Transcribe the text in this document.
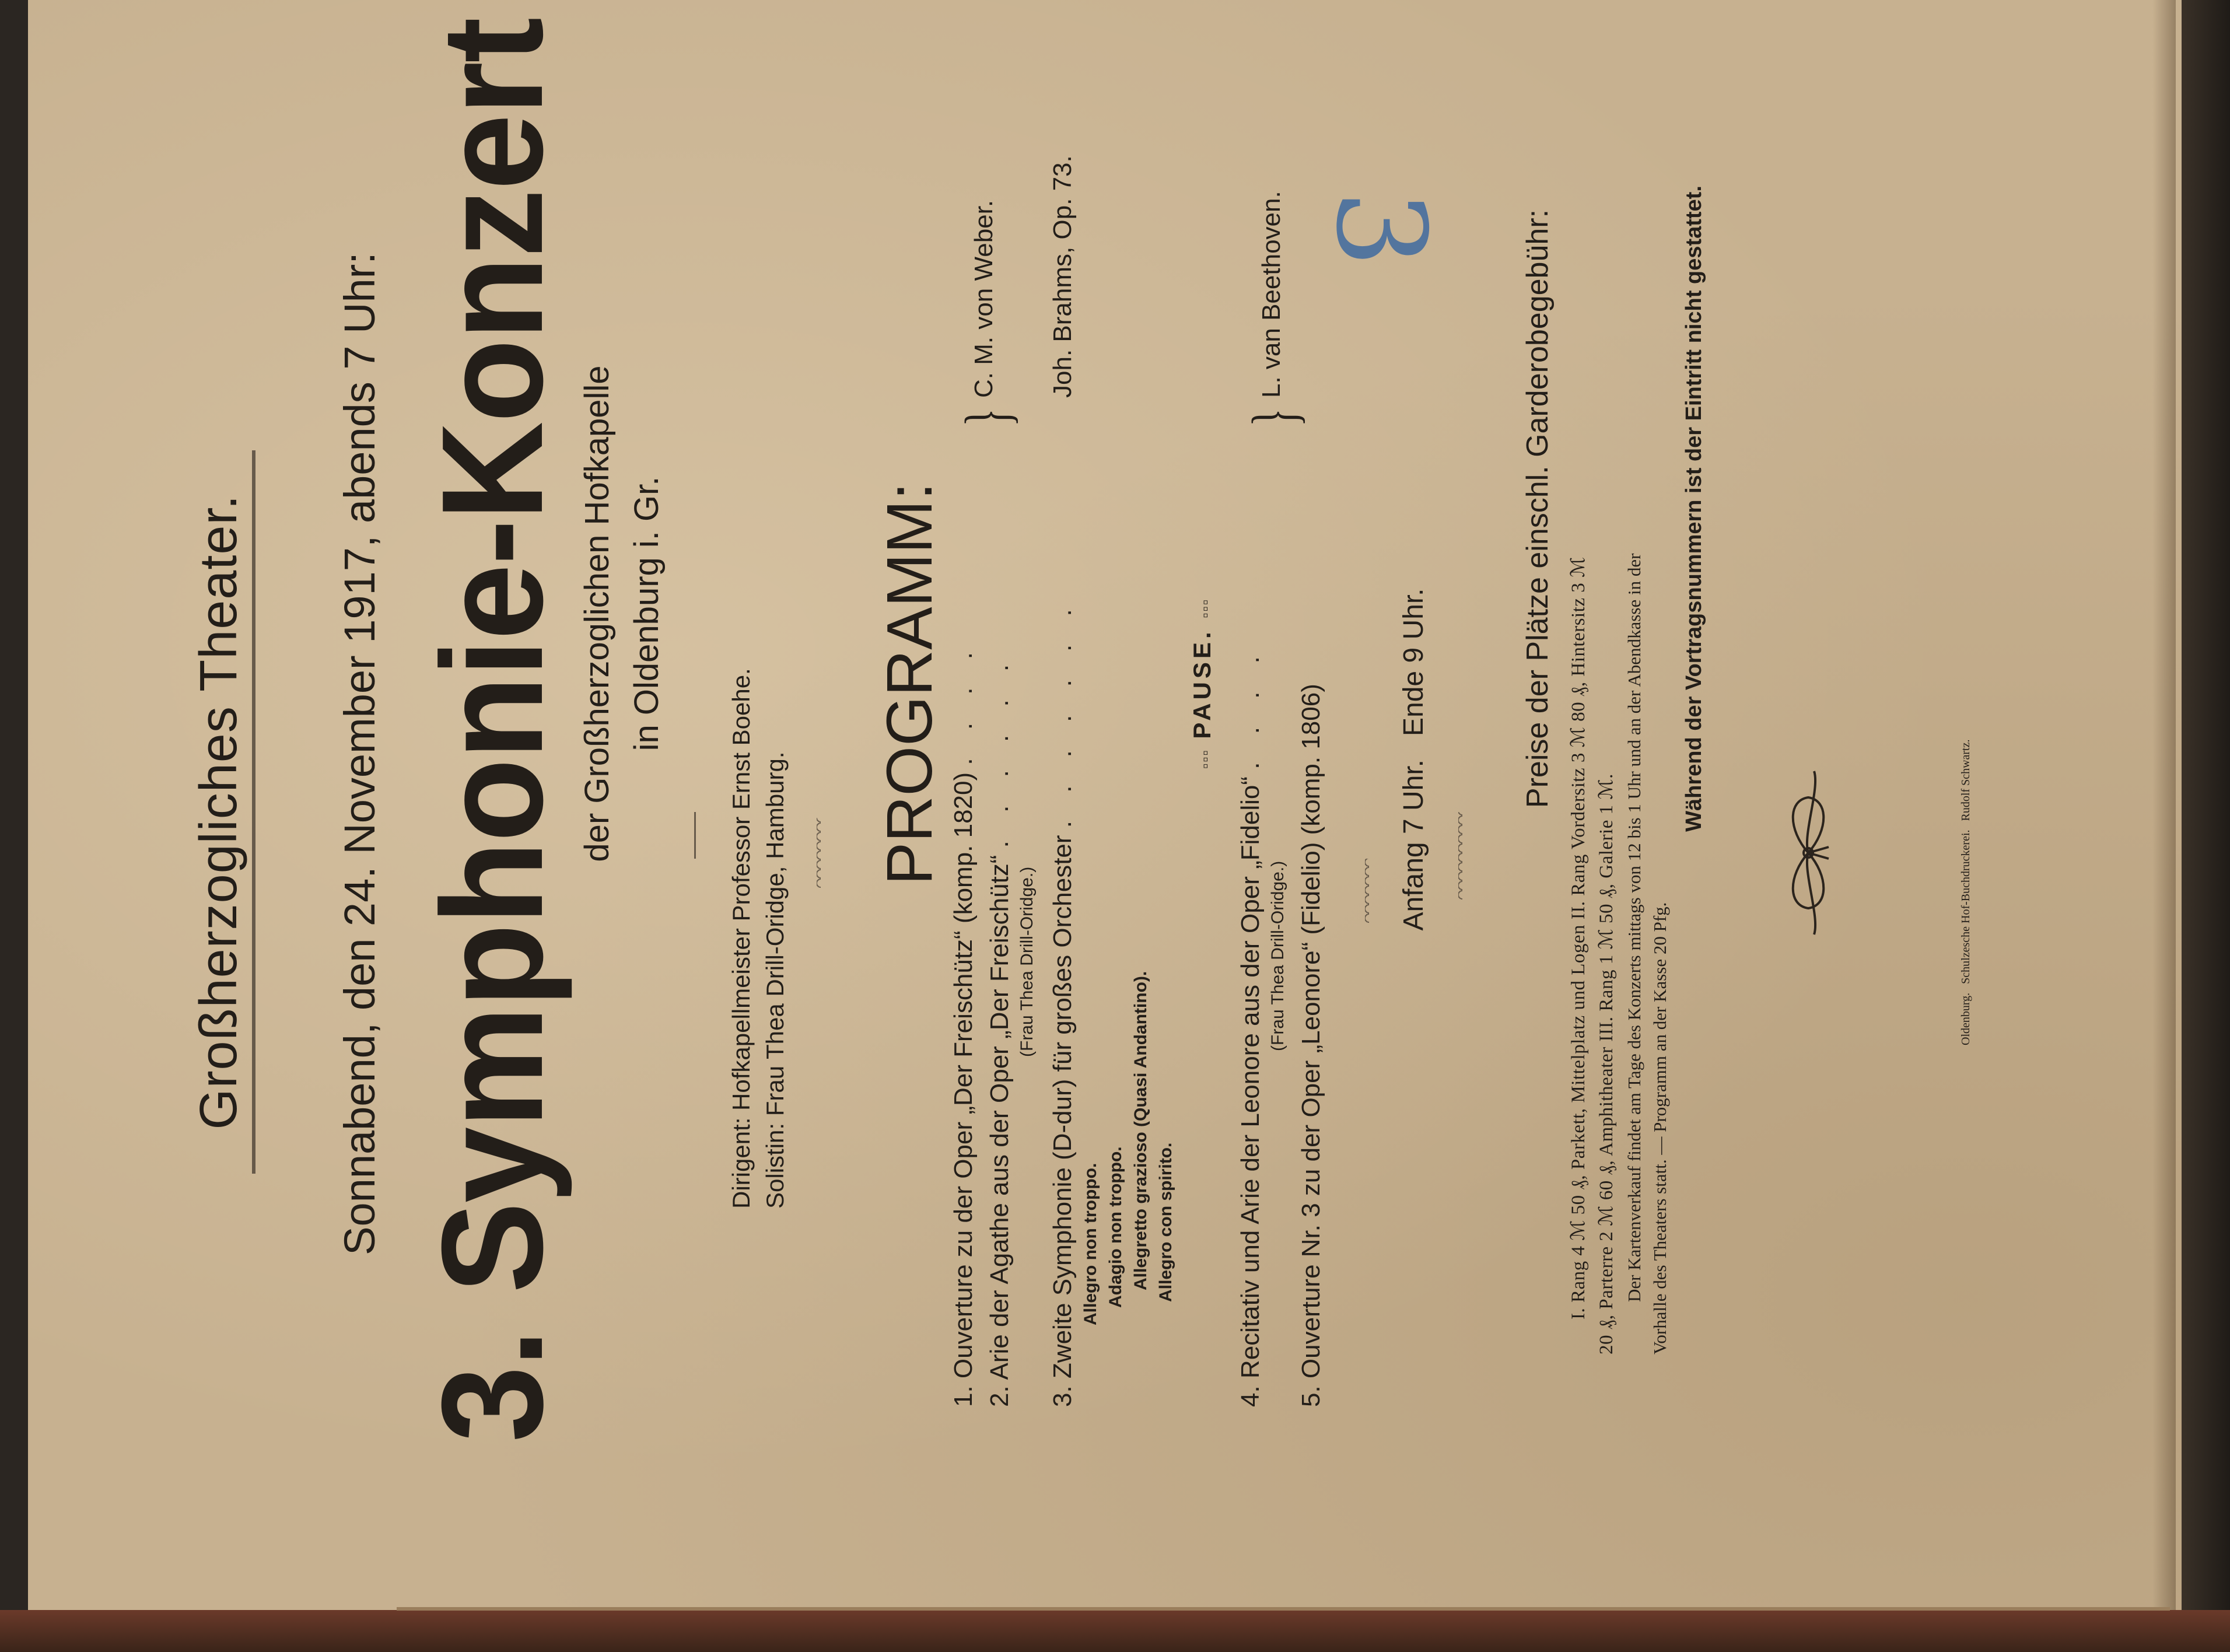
3
Großherzogliches Theater. Sonnabend, den 24. November 1917, abends 7 Uhr: 3. Symphonie-Konzert der Großherzoglichen Hofkapelle in Oldenburg i. Gr.
Dirigent: Hofkapellmeister Professor Ernst Boehe. Solistin: Frau Thea Drill-Oridge, Hamburg.
PROGRAMM:
1. Ouverture zu der Oper „Der Freischütz“ (komp. 1820) . . . .
2. Arie der Agathe aus der Oper „Der Freischütz“ . . . . . .
(Frau Thea Drill-Oridge.) 3. Zweite Symphonie (D-dur) für großes Orchester . . . . . . .
Allegro non troppo. Adagio non troppo. Allegretto grazioso (Quasi Andantino). Allegro con spirito.
▫▫▫ PAUSE. ▫▫▫
4. Recitativ und Arie der Leonore aus der Oper „Fidelio“ . . . .
(Frau Thea Drill-Oridge.) 5. Ouverture Nr. 3 zu der Oper „Leonore“ (Fidelio) (komp. 1806)
}
C. M. von Weber. Joh. Brahms, Op. 73.
}
L. van Beethoven.
Anfang 7 Uhr.   Ende 9 Uhr.	Preise der Plätze einschl. Garderobegebühr:
I. Rang 4 ℳ 50 ₰, Parkett, Mittelplatz und Logen II. Rang Vordersitz 3 ℳ 80 ₰, Hintersitz 3 ℳ 20 ₰, Parterre 2 ℳ 60 ₰, Amphitheater III. Rang 1 ℳ 50 ₰, Galerie 1 ℳ. Der Kartenverkauf findet am Tage des Konzerts mittags von 12 bis 1 Uhr und an der Abendkasse in der Vorhalle des Theaters statt. — Programm an der Kasse 20 Pfg.
Während der Vortragsnummern ist der Eintritt nicht gestattet.
Oldenburg.   Schulzesche Hof-Buchdruckerei.   Rudolf Schwartz.
